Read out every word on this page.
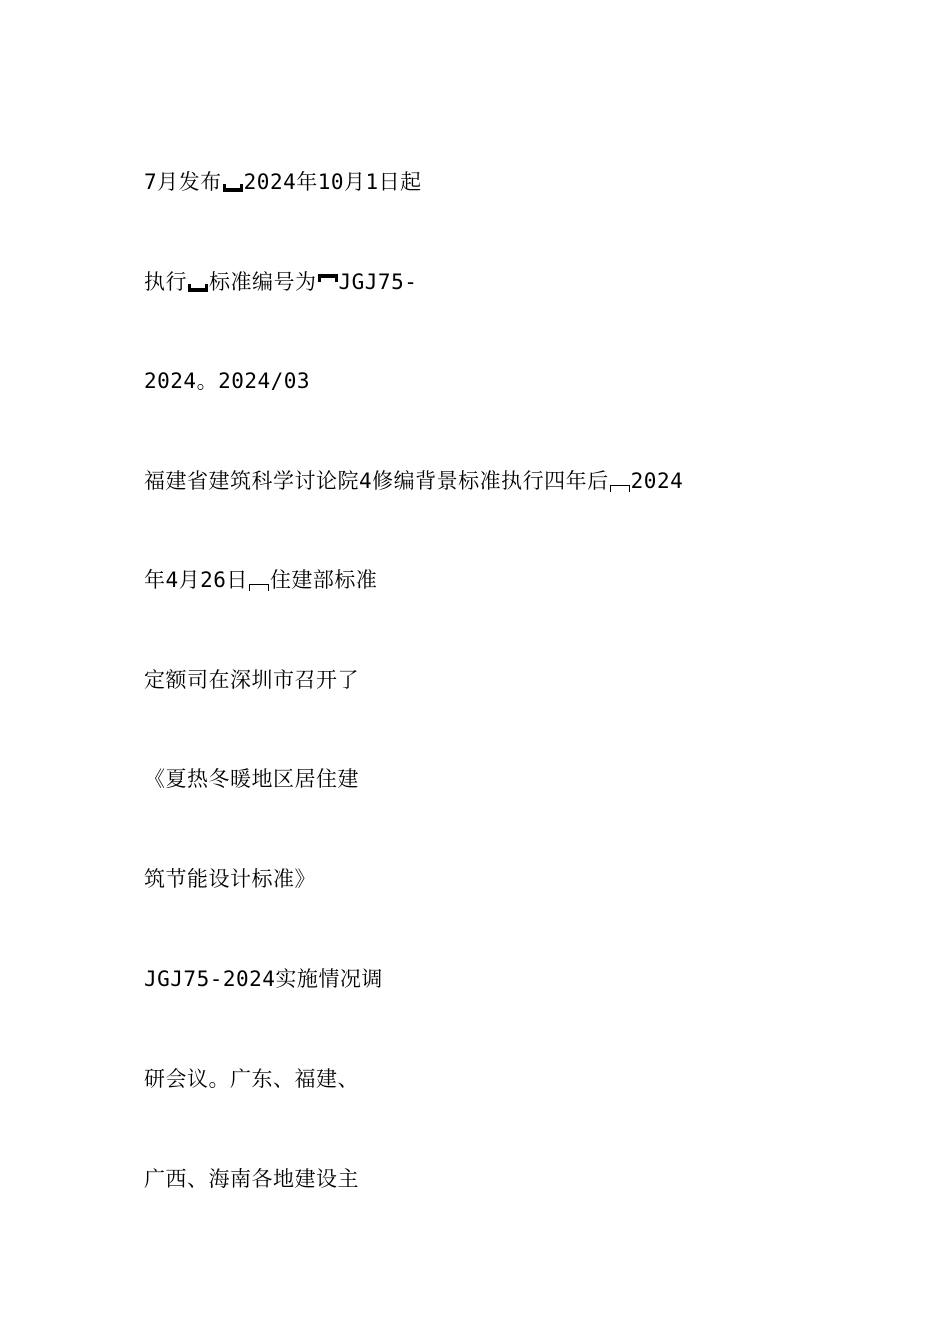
7月发布 2024年10月1日起
执行 标准编号为 JGJ75-
2024。2024/03
福建省建筑科学讨论院4修编背景标准执行四年后 2024
年4月26日 住建部标准
定额司在深圳市召开了
《夏热冬暖地区居住建
筑节能设计标准》
JGJ75-2024实施情况调
研会议。广东、福建、
广西、海南各地建设主
